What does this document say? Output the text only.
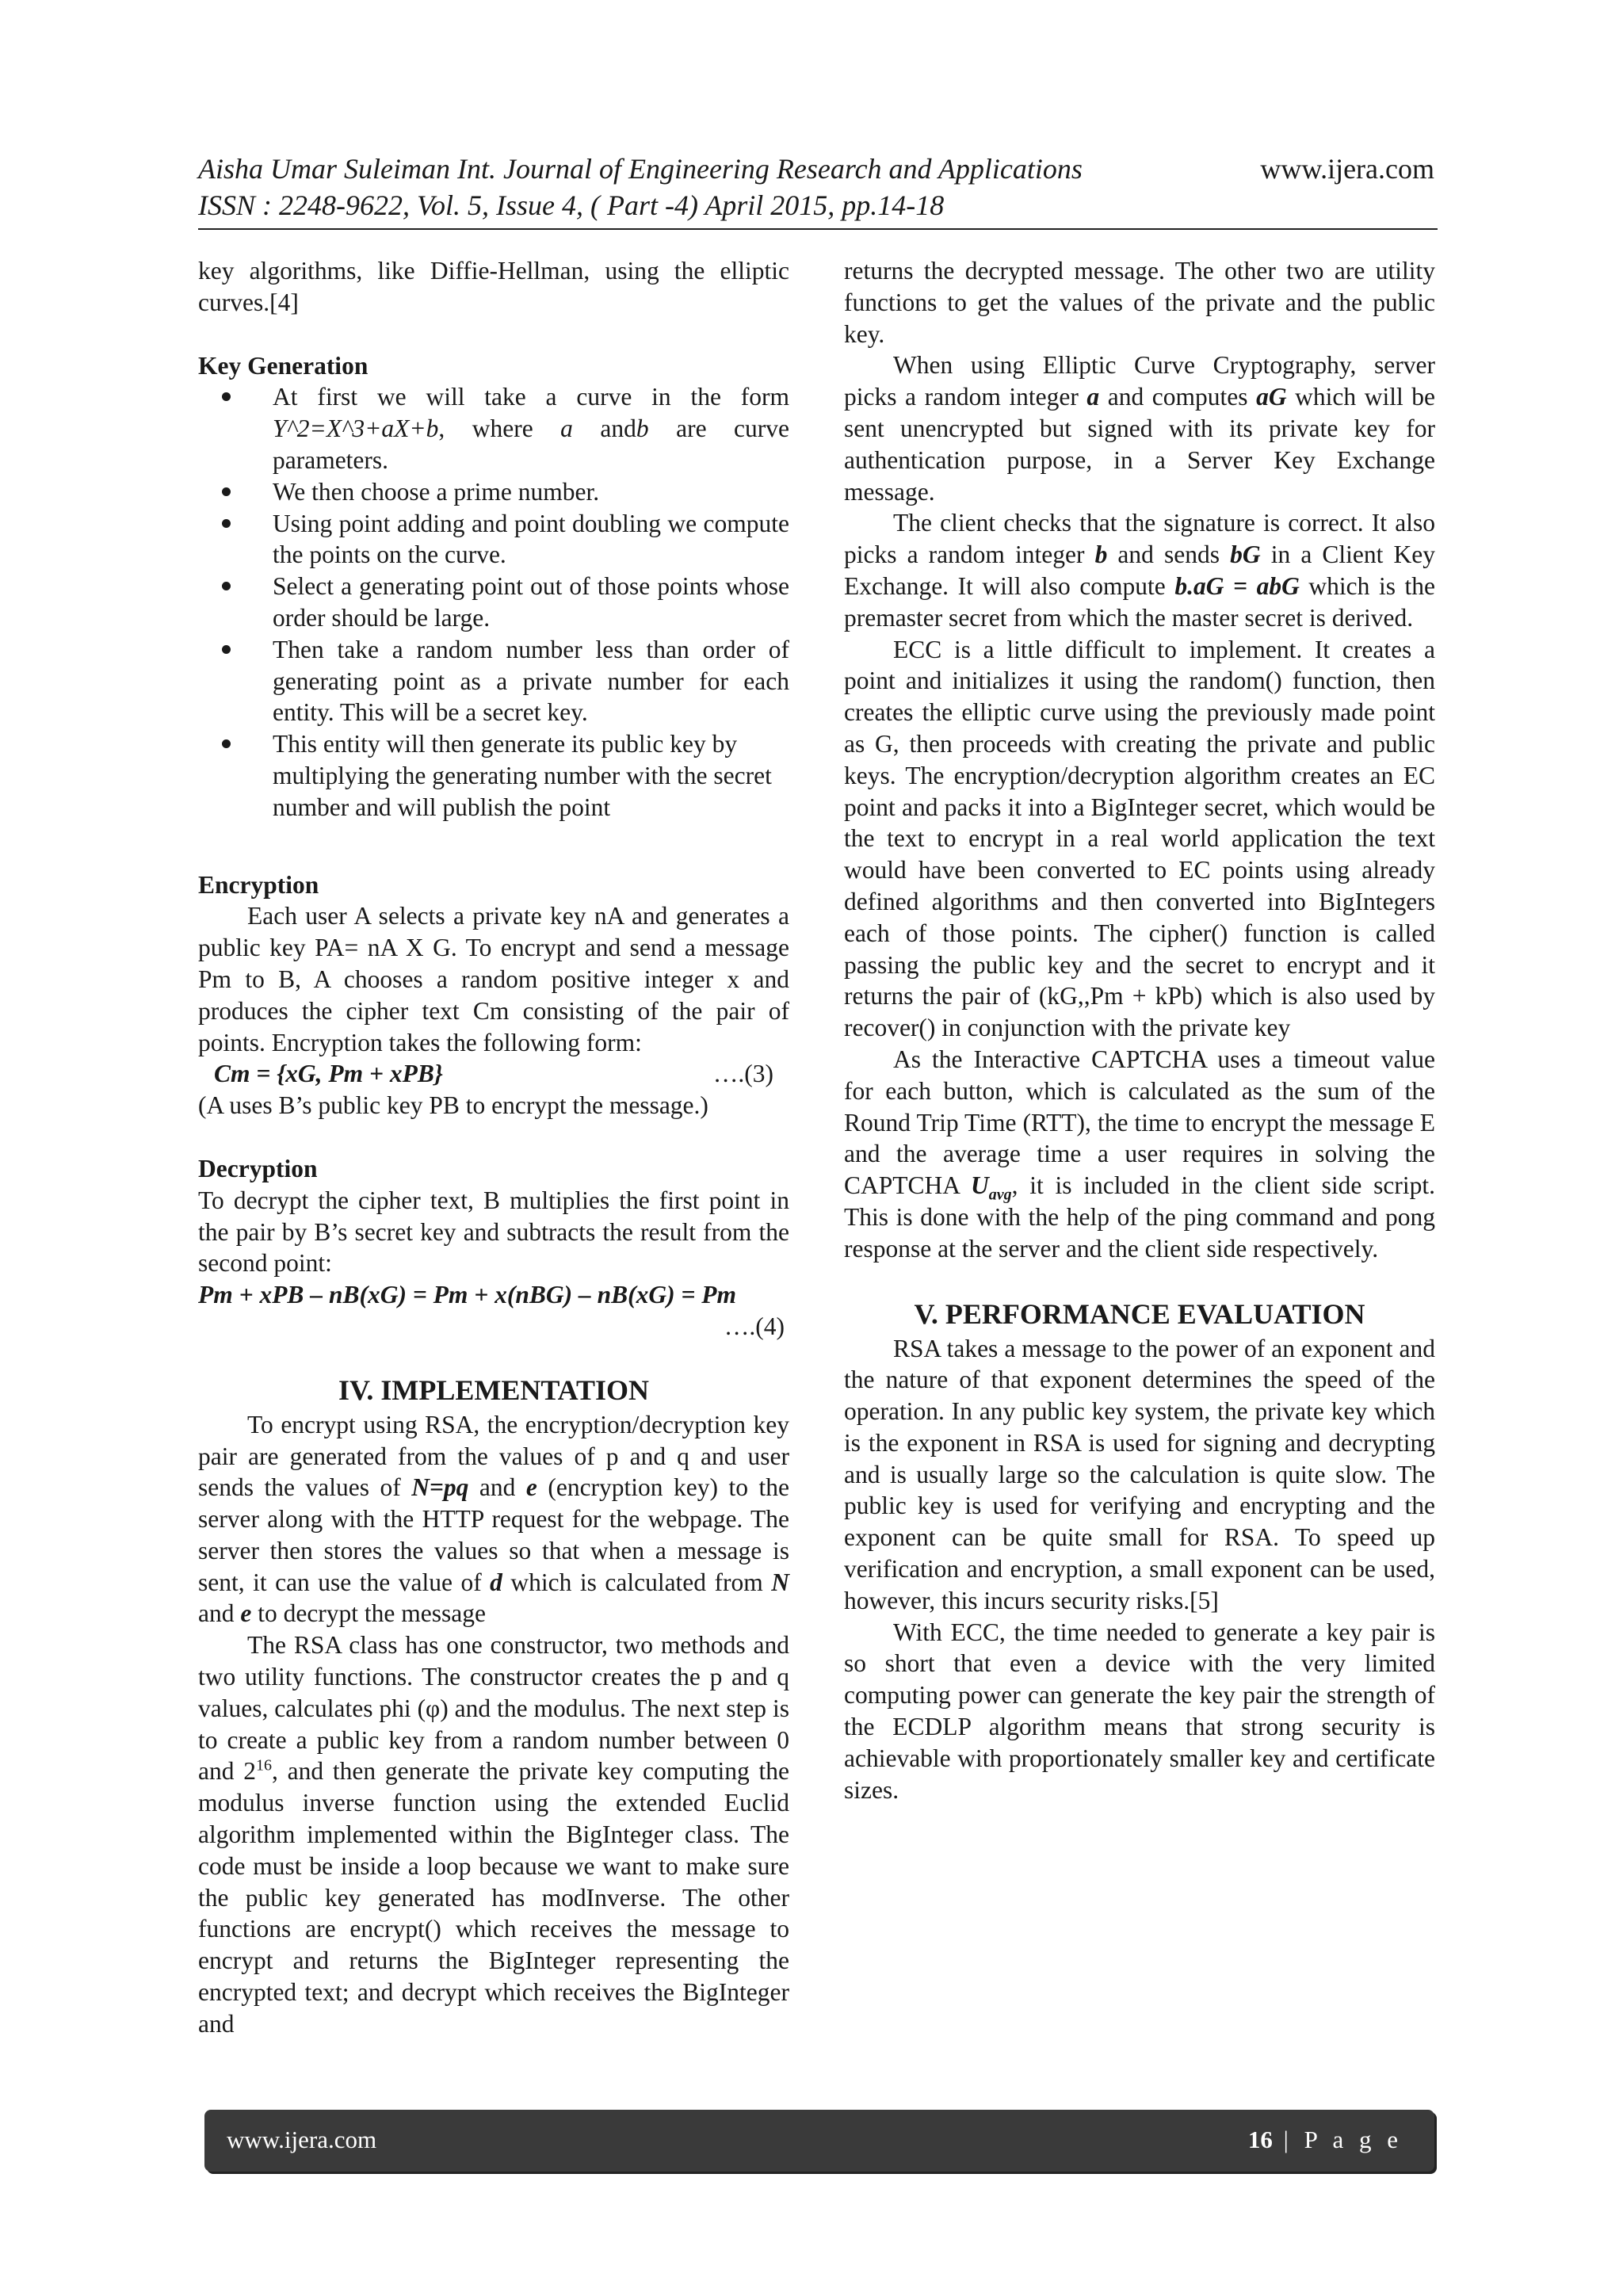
Aisha Umar Suleiman Int. Journal of Engineering Research and Applications
ISSN : 2248-9622, Vol. 5, Issue 4, ( Part -4) April 2015, pp.14-18
www.ijera.com

key algorithms, like Diffie-Hellman, using the elliptic curves.[4]

Key Generation

At first we will take a curve in the form Y^2=X^3+aX+b, where a andb are curve parameters.
We then choose a prime number.
Using point adding and point doubling we compute the points on the curve.
Select a generating point out of those points whose order should be large.
Then take a random number less than order of generating point as a private number for each entity. This will be a secret key.
This entity will then generate its public key by multiplying the generating number with the secret number and will publish the point

Encryption

Each user A selects a private key nA and generates a public key PA= nA X G. To encrypt and send a message Pm to B, A chooses a random positive integer x and produces the cipher text Cm consisting of the pair of points. Encryption takes the following form:

Cm = {xG, Pm + xPB}	….(3)

(A uses B’s public key PB to encrypt the message.)

Decryption

To decrypt the cipher text, B multiplies the first point in the pair by B’s secret key and subtracts the result from the second point:

Pm + xPB – nB(xG) = Pm + x(nBG) – nB(xG) = Pm

….(4)

IV. IMPLEMENTATION

To encrypt using RSA, the encryption/decryption key pair are generated from the values of p and q and user sends the values of N=pq and e (encryption key) to the server along with the HTTP request for the webpage. The server then stores the values so that when a message is sent, it can use the value of d which is calculated from N and e to decrypt the message

The RSA class has one constructor, two methods and two utility functions. The constructor creates the p and q values, calculates phi (φ) and the modulus. The next step is to create a public key from a random number between 0 and $2^{16}$, and then generate the private key computing the modulus inverse function using the extended Euclid algorithm implemented within the BigInteger class. The code must be inside a loop because we want to make sure the public key generated has modInverse. The other functions are encrypt() which receives the message to encrypt and returns the BigInteger representing the encrypted text; and decrypt which receives the BigInteger and

returns the decrypted message. The other two are utility functions to get the values of the private and the public key.

When using Elliptic Curve Cryptography, server picks a random integer a and computes aG which will be sent unencrypted but signed with its private key for authentication purpose, in a Server Key Exchange message.

The client checks that the signature is correct. It also picks a random integer b and sends bG in a Client Key Exchange. It will also compute b.aG = abG which is the premaster secret from which the master secret is derived.

ECC is a little difficult to implement. It creates a point and initializes it using the random() function, then creates the elliptic curve using the previously made point as G, then proceeds with creating the private and public keys. The encryption/decryption algorithm creates an EC point and packs it into a BigInteger secret, which would be the text to encrypt in a real world application the text would have been converted to EC points using already defined algorithms and then converted into BigIntegers each of those points. The cipher() function is called passing the public key and the secret to encrypt and it returns the pair of (kG,,Pm + kPb) which is also used by recover() in conjunction with the private key

As the Interactive CAPTCHA uses a timeout value for each button, which is calculated as the sum of the Round Trip Time (RTT), the time to encrypt the message E and the average time a user requires in solving the CAPTCHA $U_{avg}$, it is included in the client side script. This is done with the help of the ping command and pong response at the server and the client side respectively.

V. PERFORMANCE EVALUATION

RSA takes a message to the power of an exponent and the nature of that exponent determines the speed of the operation. In any public key system, the private key which is the exponent in RSA is used for signing and decrypting and is usually large so the calculation is quite slow. The public key is used for verifying and encrypting and the exponent can be quite small for RSA. To speed up verification and encryption, a small exponent can be used, however, this incurs security risks.[5]

With ECC, the time needed to generate a key pair is so short that even a device with the very limited computing power can generate the key pair the strength of the ECDLP algorithm means that strong security is achievable with proportionately smaller key and certificate sizes.

www.ijera.com	16 | P a g e
